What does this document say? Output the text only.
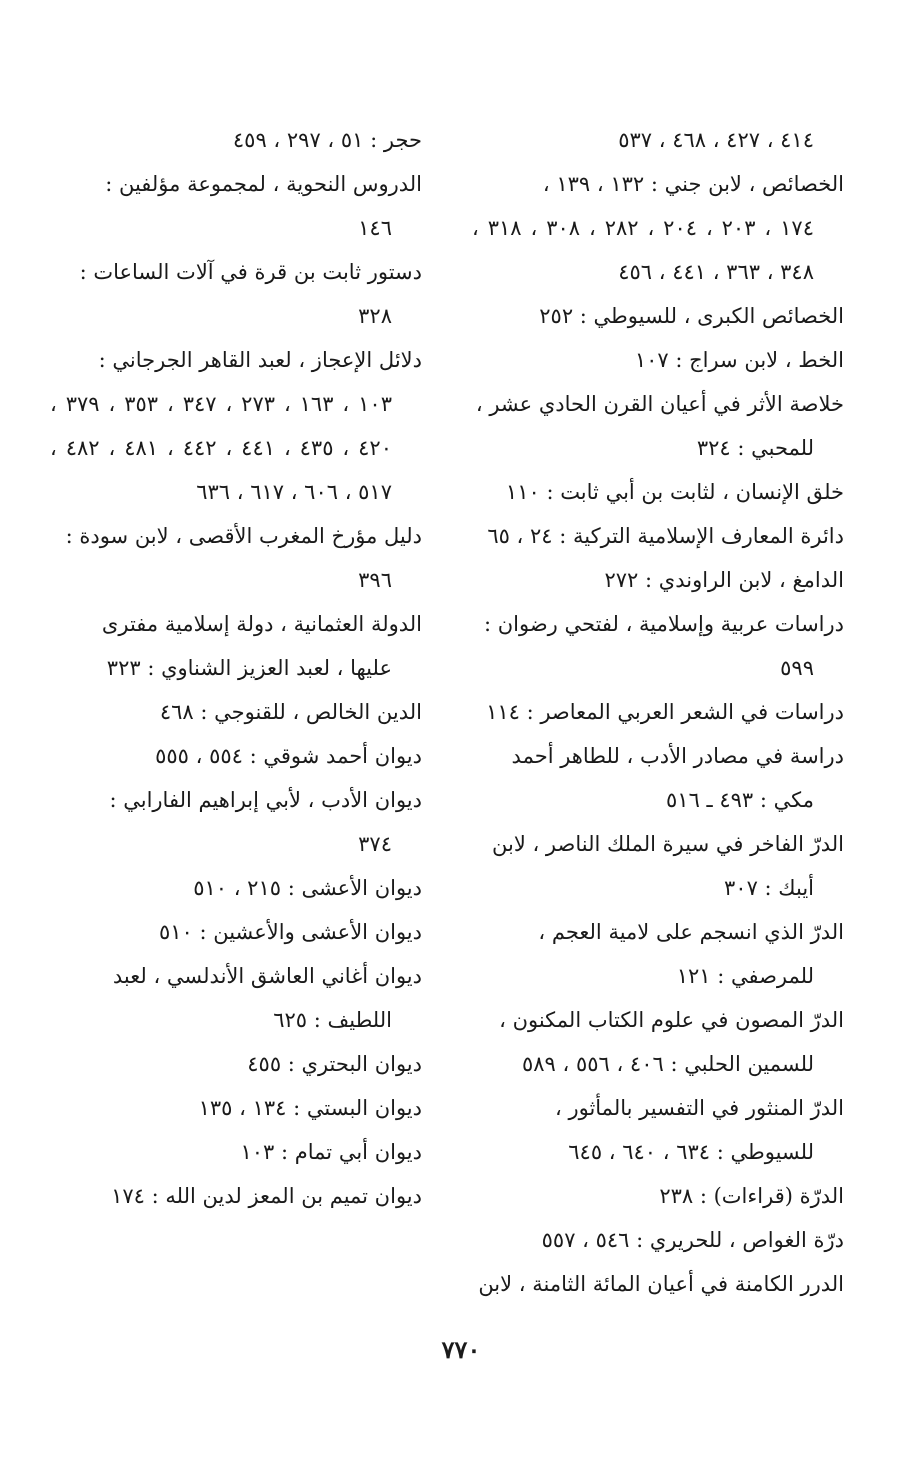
٤١٤ ، ٤٢٧ ، ٤٦٨ ، ٥٣٧
الخصائص ، لابن جني : ١٣٢ ، ١٣٩ ،
١٧٤ ، ٢٠٣ ، ٢٠٤ ، ٢٨٢ ، ٣٠٨ ، ٣١٨ ، ٣٤٨ ، ٣٦٣ ، ٤٤١ ، ٤٥٦
الخصائص الكبرى ، للسيوطي : ٢٥٢
الخط ، لابن سراج : ١٠٧
خلاصة الأثر في أعيان القرن الحادي عشر ،
للمحبي : ٣٢٤
خلق الإنسان ، لثابت بن أبي ثابت : ١١٠
دائرة المعارف الإسلامية التركية : ٢٤ ، ٦٥
الدامغ ، لابن الراوندي : ٢٧٢
دراسات عربية وإسلامية ، لفتحي رضوان :
٥٩٩
دراسات في الشعر العربي المعاصر : ١١٤
دراسة في مصادر الأدب ، للطاهر أحمد
مكي : ٤٩٣ ـ ٥١٦
الدرّ الفاخر في سيرة الملك الناصر ، لابن
أيبك : ٣٠٧
الدرّ الذي انسجم على لامية العجم ،
للمرصفي : ١٢١
الدرّ المصون في علوم الكتاب المكنون ،
للسمين الحلبي : ٤٠٦ ، ٥٥٦ ، ٥٨٩
الدرّ المنثور في التفسير بالمأثور ،
للسيوطي : ٦٣٤ ، ٦٤٠ ، ٦٤٥
الدرّة (قراءات) : ٢٣٨
درّة الغواص ، للحريري : ٥٤٦ ، ٥٥٧
الدرر الكامنة في أعيان المائة الثامنة ، لابن
حجر : ٥١ ، ٢٩٧ ، ٤٥٩
الدروس النحوية ، لمجموعة مؤلفين :
١٤٦
دستور ثابت بن قرة في آلات الساعات :
٣٢٨
دلائل الإعجاز ، لعبد القاهر الجرجاني :
١٠٣ ، ١٦٣ ، ٢٧٣ ، ٣٤٧ ، ٣٥٣ ، ٣٧٩ ، ٤٢٠ ، ٤٣٥ ، ٤٤١ ، ٤٤٢ ، ٤٨١ ، ٤٨٢ ، ٥١٧ ، ٦٠٦ ، ٦١٧ ، ٦٣٦
دليل مؤرخ المغرب الأقصى ، لابن سودة :
٣٩٦
الدولة العثمانية ، دولة إسلامية مفترى
عليها ، لعبد العزيز الشناوي : ٣٢٣
الدين الخالص ، للقنوجي : ٤٦٨
ديوان أحمد شوقي : ٥٥٤ ، ٥٥٥
ديوان الأدب ، لأبي إبراهيم الفارابي :
٣٧٤
ديوان الأعشى : ٢١٥ ، ٥١٠
ديوان الأعشى والأعشين : ٥١٠
ديوان أغاني العاشق الأندلسي ، لعبد
اللطيف : ٦٢٥
ديوان البحتري : ٤٥٥
ديوان البستي : ١٣٤ ، ١٣٥
ديوان أبي تمام : ١٠٣
ديوان تميم بن المعز لدين الله : ١٧٤
٧٧٠
